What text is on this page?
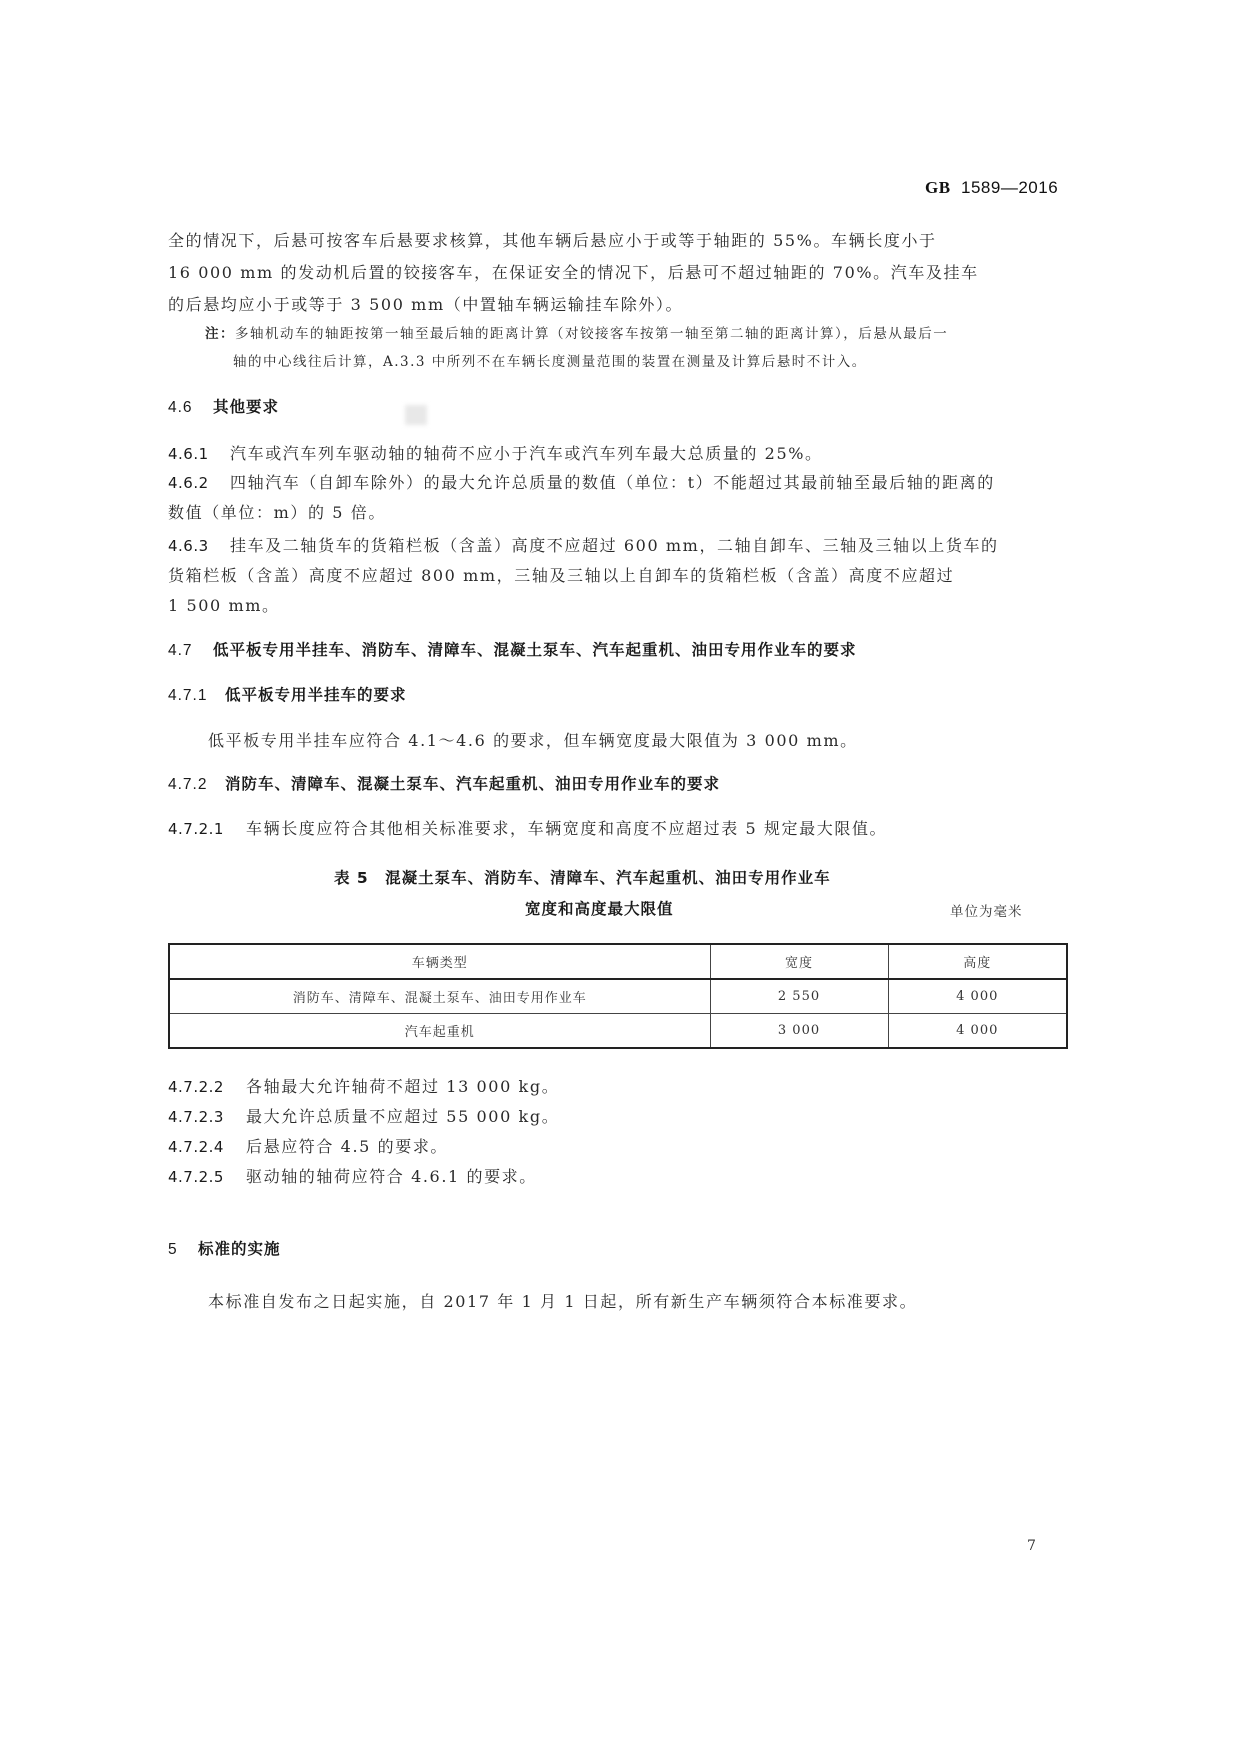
GB 1589—2016
全的情况下，后悬可按客车后悬要求核算，其他车辆后悬应小于或等于轴距的 55%。车辆长度小于
16 000 mm 的发动机后置的铰接客车，在保证安全的情况下，后悬可不超过轴距的 70%。汽车及挂车
的后悬均应小于或等于 3 500 mm（中置轴车辆运输挂车除外）。
注：多轴机动车的轴距按第一轴至最后轴的距离计算（对铰接客车按第一轴至第二轴的距离计算），后悬从最后一
轴的中心线往后计算，A.3.3 中所列不在车辆长度测量范围的装置在测量及计算后悬时不计入。
4.6 其他要求
4.6.1 汽车或汽车列车驱动轴的轴荷不应小于汽车或汽车列车最大总质量的 25%。
4.6.2 四轴汽车（自卸车除外）的最大允许总质量的数值（单位：t）不能超过其最前轴至最后轴的距离的
数值（单位：m）的 5 倍。
4.6.3 挂车及二轴货车的货箱栏板（含盖）高度不应超过 600 mm，二轴自卸车、三轴及三轴以上货车的
货箱栏板（含盖）高度不应超过 800 mm，三轴及三轴以上自卸车的货箱栏板（含盖）高度不应超过
1 500 mm。
4.7 低平板专用半挂车、消防车、清障车、混凝土泵车、汽车起重机、油田专用作业车的要求
4.7.1 低平板专用半挂车的要求
低平板专用半挂车应符合 4.1～4.6 的要求，但车辆宽度最大限值为 3 000 mm。
4.7.2 消防车、清障车、混凝土泵车、汽车起重机、油田专用作业车的要求
4.7.2.1 车辆长度应符合其他相关标准要求，车辆宽度和高度不应超过表 5 规定最大限值。
表 5　混凝土泵车、消防车、清障车、汽车起重机、油田专用作业车
宽度和高度最大限值	单位为毫米
车辆类型	宽度	高度
消防车、清障车、混凝土泵车、油田专用作业车	2 550	4 000
汽车起重机	3 000	4 000
4.7.2.2 各轴最大允许轴荷不超过 13 000 kg。
4.7.2.3 最大允许总质量不应超过 55 000 kg。
4.7.2.4 后悬应符合 4.5 的要求。
4.7.2.5 驱动轴的轴荷应符合 4.6.1 的要求。
5 标准的实施
本标准自发布之日起实施，自 2017 年 1 月 1 日起，所有新生产车辆须符合本标准要求。
7
